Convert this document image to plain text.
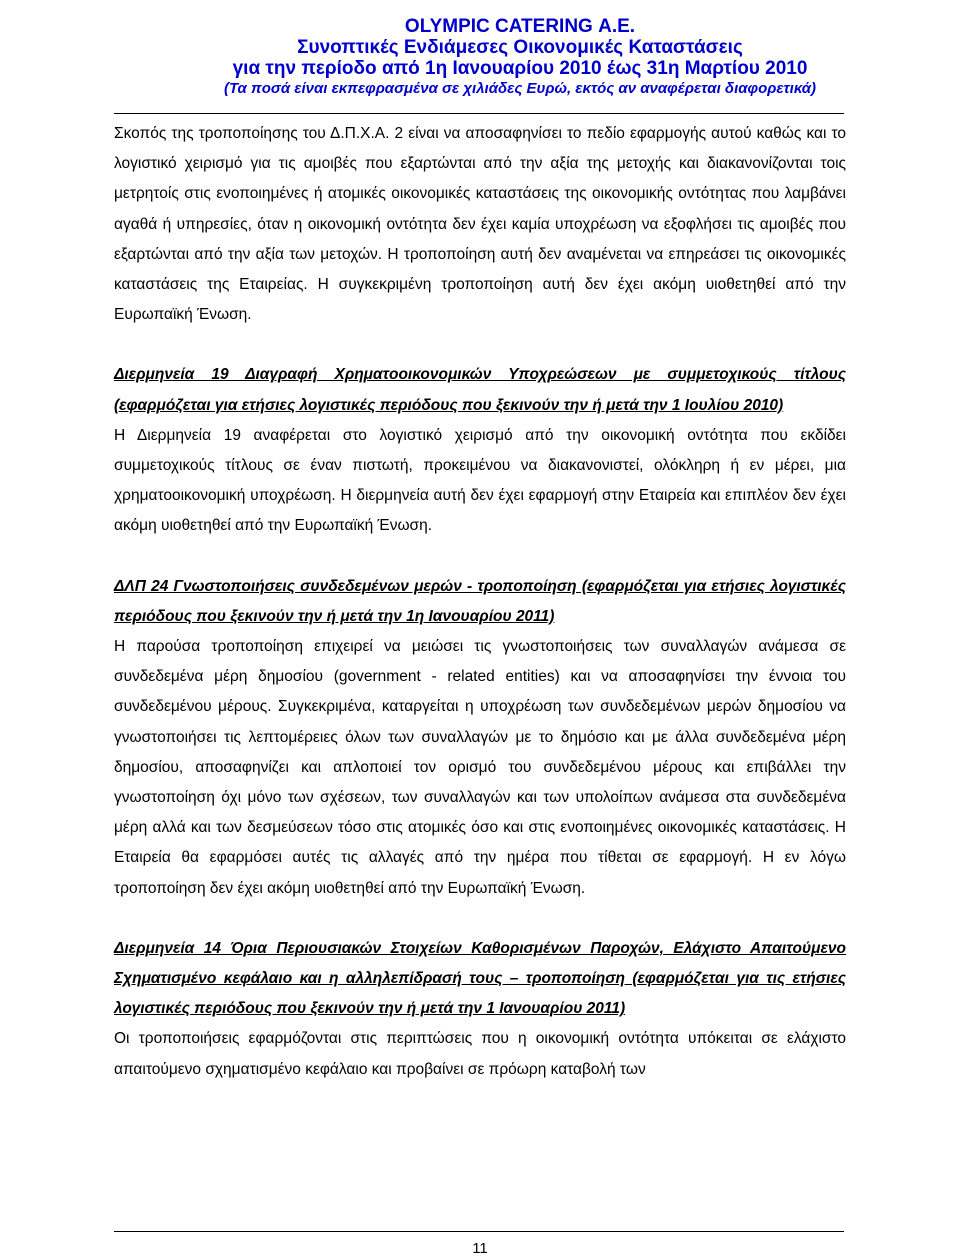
OLYMPIC CATERING Α.Ε.
Συνοπτικές Ενδιάμεσες Οικονομικές Καταστάσεις
για την περίοδο από 1η Ιανουαρίου 2010 έως 31η Μαρτίου 2010
(Τα ποσά είναι εκπεφρασμένα σε χιλιάδες Ευρώ, εκτός αν αναφέρεται διαφορετικά)

Σκοπός της τροποποίησης του Δ.Π.Χ.Α. 2 είναι να αποσαφηνίσει το πεδίο εφαρμογής αυτού καθώς και το λογιστικό χειρισμό για τις αμοιβές που εξαρτώνται από την αξία της μετοχής και διακανονίζονται τοις μετρητοίς στις ενοποιημένες ή ατομικές οικονομικές καταστάσεις της οικονομικής οντότητας που λαμβάνει αγαθά ή υπηρεσίες, όταν η οικονομική οντότητα δεν έχει καμία υποχρέωση να εξοφλήσει τις αμοιβές που εξαρτώνται από την αξία των μετοχών. Η τροποποίηση αυτή δεν αναμένεται να επηρεάσει τις οικονομικές καταστάσεις της Εταιρείας. Η συγκεκριμένη τροποποίηση αυτή δεν έχει ακόμη υιοθετηθεί από την Ευρωπαϊκή Ένωση.

Διερμηνεία 19 Διαγραφή Χρηματοοικονομικών Υποχρεώσεων με συμμετοχικούς τίτλους (εφαρμόζεται για ετήσιες λογιστικές περιόδους που ξεκινούν την ή μετά την 1 Ιουλίου 2010)

Η Διερμηνεία 19 αναφέρεται στο λογιστικό χειρισμό από την οικονομική οντότητα που εκδίδει συμμετοχικούς τίτλους σε έναν πιστωτή, προκειμένου να διακανονιστεί, ολόκληρη ή εν μέρει, μια χρηματοοικονομική υποχρέωση. Η διερμηνεία αυτή δεν έχει εφαρμογή στην Εταιρεία και επιπλέον δεν έχει ακόμη υιοθετηθεί από την Ευρωπαϊκή Ένωση.

ΔΛΠ 24 Γνωστοποιήσεις συνδεδεμένων μερών - τροποποίηση (εφαρμόζεται για ετήσιες λογιστικές περιόδους που ξεκινούν την ή μετά την 1η Ιανουαρίου 2011)

Η παρούσα τροποποίηση επιχειρεί να μειώσει τις γνωστοποιήσεις των συναλλαγών ανάμεσα σε συνδεδεμένα μέρη δημοσίου (government - related entities) και να αποσαφηνίσει την έννοια του συνδεδεμένου μέρους. Συγκεκριμένα, καταργείται η υποχρέωση των συνδεδεμένων μερών δημοσίου να γνωστοποιήσει τις λεπτομέρειες όλων των συναλλαγών με το δημόσιο και με άλλα συνδεδεμένα μέρη δημοσίου, αποσαφηνίζει και απλοποιεί τον ορισμό του συνδεδεμένου μέρους και επιβάλλει την γνωστοποίηση όχι μόνο των σχέσεων, των συναλλαγών και των υπολοίπων ανάμεσα στα συνδεδεμένα μέρη αλλά και των δεσμεύσεων τόσο στις ατομικές όσο και στις ενοποιημένες οικονομικές καταστάσεις. Η Εταιρεία θα εφαρμόσει αυτές τις αλλαγές από την ημέρα που τίθεται σε εφαρμογή. Η εν λόγω τροποποίηση δεν έχει ακόμη υιοθετηθεί από την Ευρωπαϊκή Ένωση.

Διερμηνεία 14 Όρια Περιουσιακών Στοιχείων Καθορισμένων Παροχών, Ελάχιστο Απαιτούμενο Σχηματισμένο κεφάλαιο και η αλληλεπίδρασή τους – τροποποίηση (εφαρμόζεται για τις ετήσιες λογιστικές περιόδους που ξεκινούν την ή μετά την 1 Ιανουαρίου 2011)

Οι τροποποιήσεις εφαρμόζονται στις περιπτώσεις που η οικονομική οντότητα υπόκειται σε ελάχιστο απαιτούμενο σχηματισμένο κεφάλαιο και προβαίνει σε πρόωρη καταβολή των

11
